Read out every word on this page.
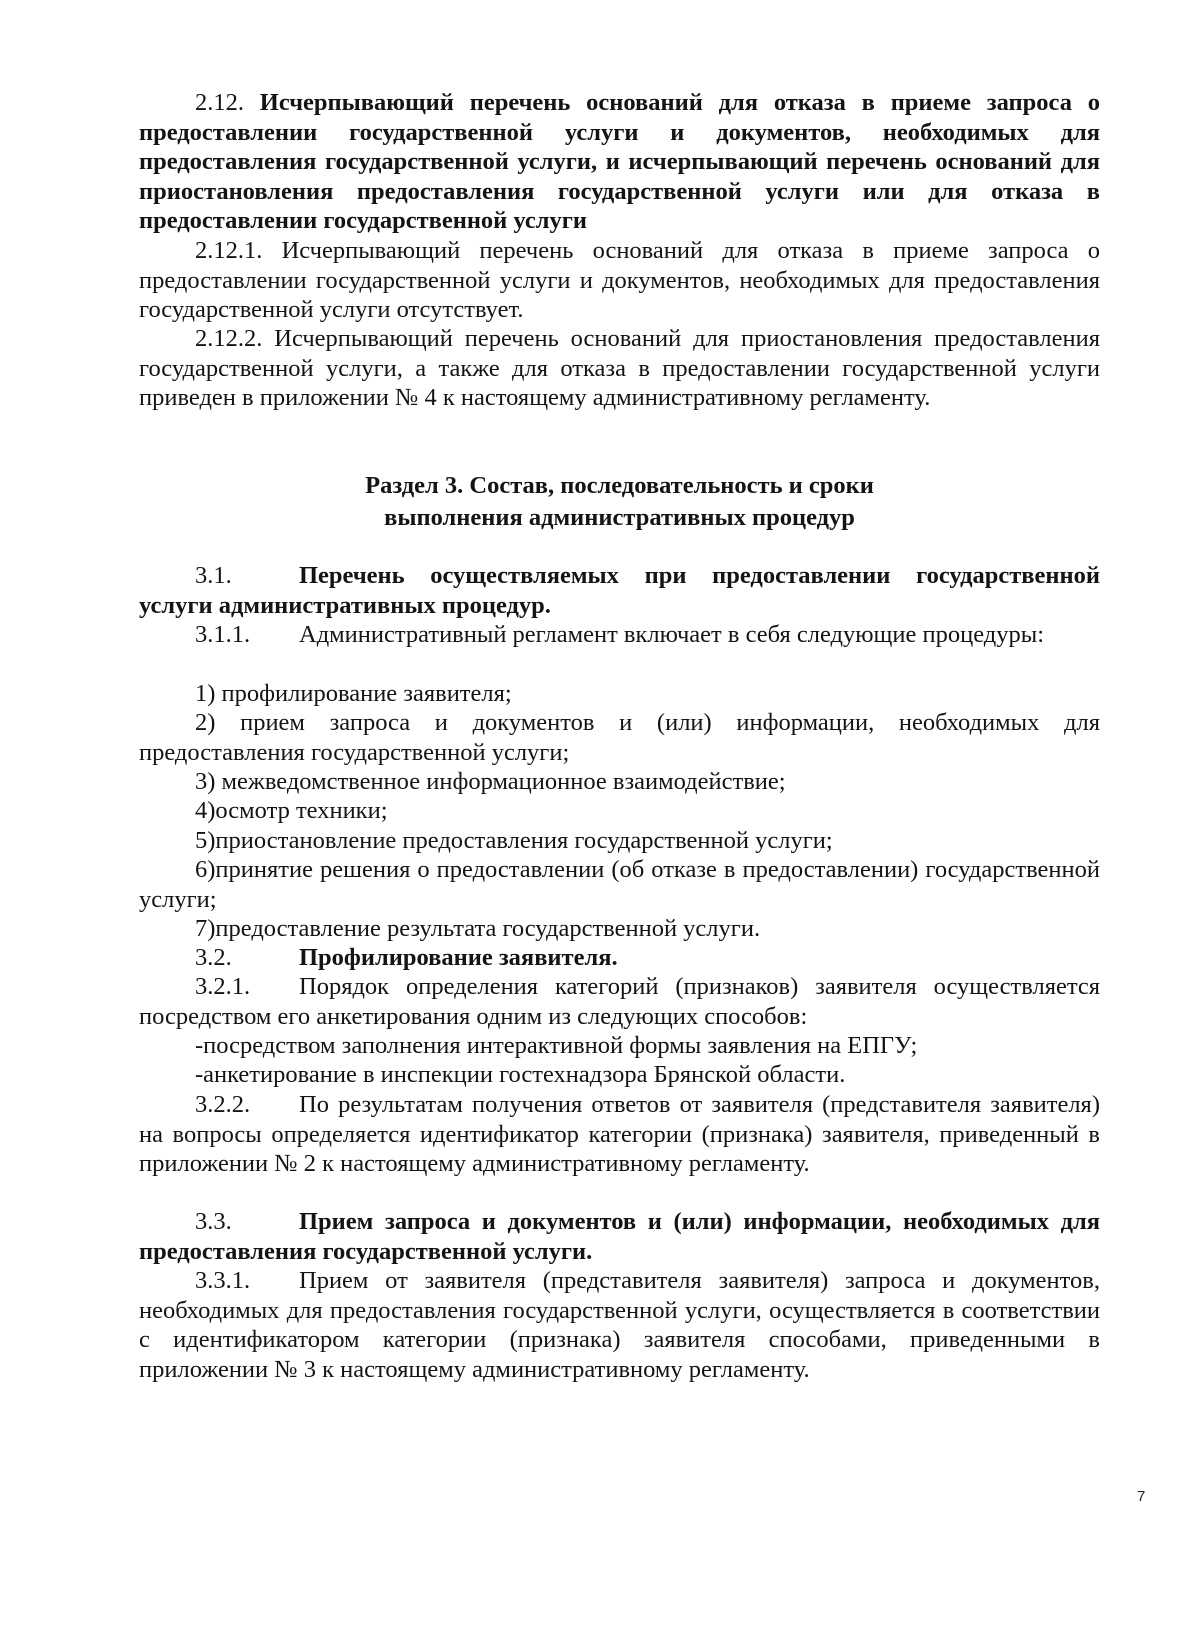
2.12. Исчерпывающий перечень оснований для отказа в приеме запроса о предоставлении государственной услуги и документов, необходимых для предоставления государственной услуги, и исчерпывающий перечень оснований для приостановления предоставления государственной услуги или для отказа в предоставлении государственной услуги
2.12.1. Исчерпывающий перечень оснований для отказа в приеме запроса о предоставлении государственной услуги и документов, необходимых для предоставления государственной услуги отсутствует.
2.12.2. Исчерпывающий перечень оснований для приостановления предоставления государственной услуги, а также для отказа в предоставлении государственной услуги приведен в приложении № 4 к настоящему административному регламенту.
Раздел 3. Состав, последовательность и сроки
выполнения административных процедур
3.1.	Перечень осуществляемых при предоставлении государственной услуги административных процедур.
3.1.1. Административный регламент включает в себя следующие процедуры:
1) профилирование заявителя;
2) прием запроса и документов и (или) информации, необходимых для предоставления государственной услуги;
3) межведомственное информационное взаимодействие;
4)осмотр техники;
5)приостановление предоставления государственной услуги;
6)принятие решения о предоставлении (об отказе в предоставлении) государственной услуги;
7)предоставление результата государственной услуги.
3.2.	Профилирование заявителя.
3.2.1. Порядок определения категорий (признаков) заявителя осуществляется посредством его анкетирования одним из следующих способов:
-посредством заполнения интерактивной формы заявления на ЕПГУ;
-анкетирование в инспекции гостехнадзора Брянской области.
3.2.2. По результатам получения ответов от заявителя (представителя заявителя) на вопросы определяется идентификатор категории (признака) заявителя, приведенный в приложении № 2 к настоящему административному регламенту.
3.3.	Прием запроса и документов и (или) информации, необходимых для предоставления государственной услуги.
3.3.1. Прием от заявителя (представителя заявителя) запроса и документов, необходимых для предоставления государственной услуги, осуществляется в соответствии с идентификатором категории (признака) заявителя способами, приведенными в приложении № 3 к настоящему административному регламенту.
7
